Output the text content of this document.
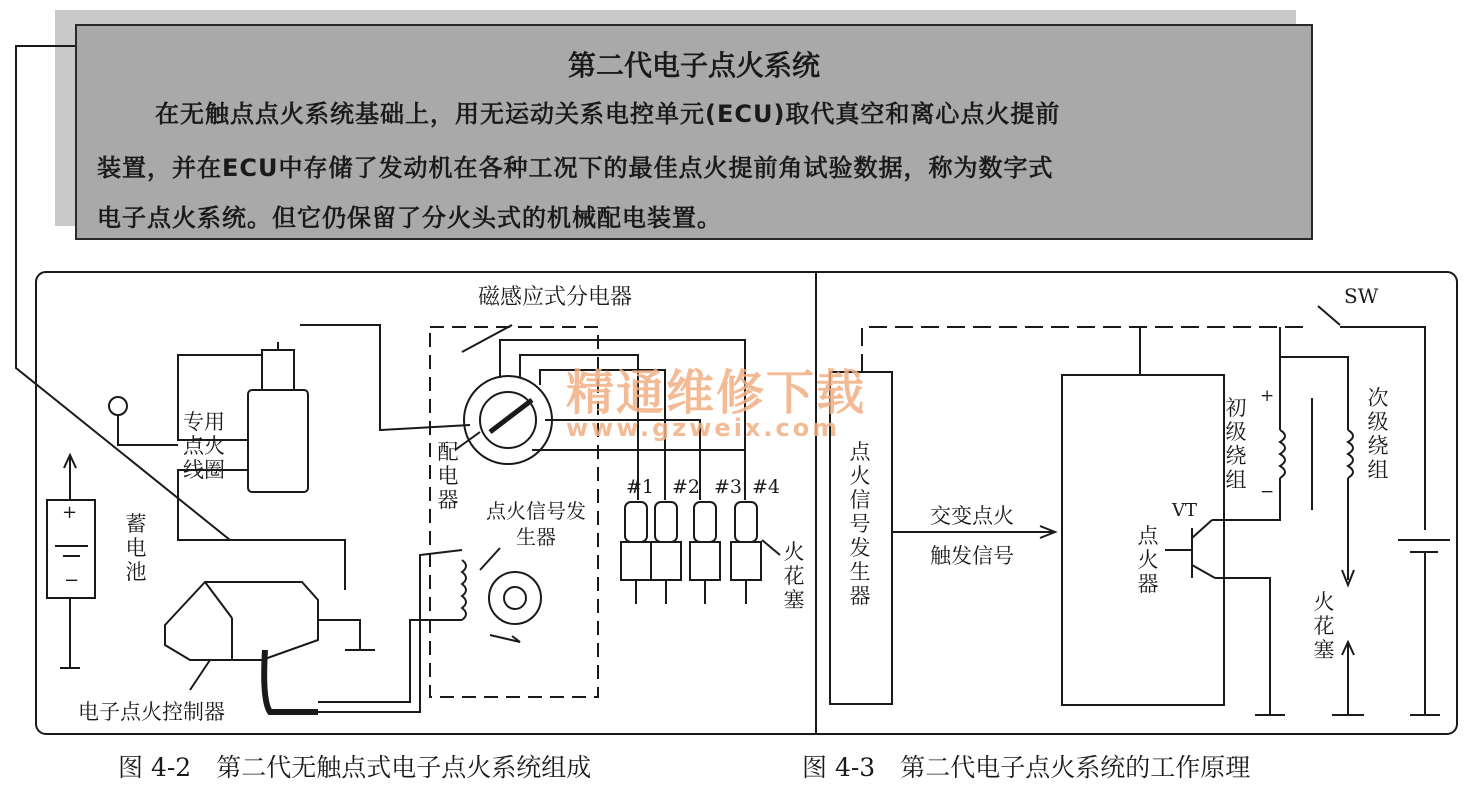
第二代电子点火系统
在无触点点火系统基础上，用无运动关系电控单元(ECU)取代真空和离心点火提前
装置，并在ECU中存储了发动机在各种工况下的最佳点火提前角试验数据，称为数字式
电子点火系统。但它仍保留了分火头式的机械配电装置。
磁感应式分电器
专用点火线圈
蓄电池
+
−
配电器 点火信号发生器
#1 #2 #3 #4
火花塞
电子点火控制器
SW
点火信号发生器
交变点火
触发信号
点火器
VT
初级绕组
+
−
次级绕组
火花塞
精通维修下载
www.gzweix.com
图 4-2　第二代无触点式电子点火系统组成	图 4-3　第二代电子点火系统的工作原理
